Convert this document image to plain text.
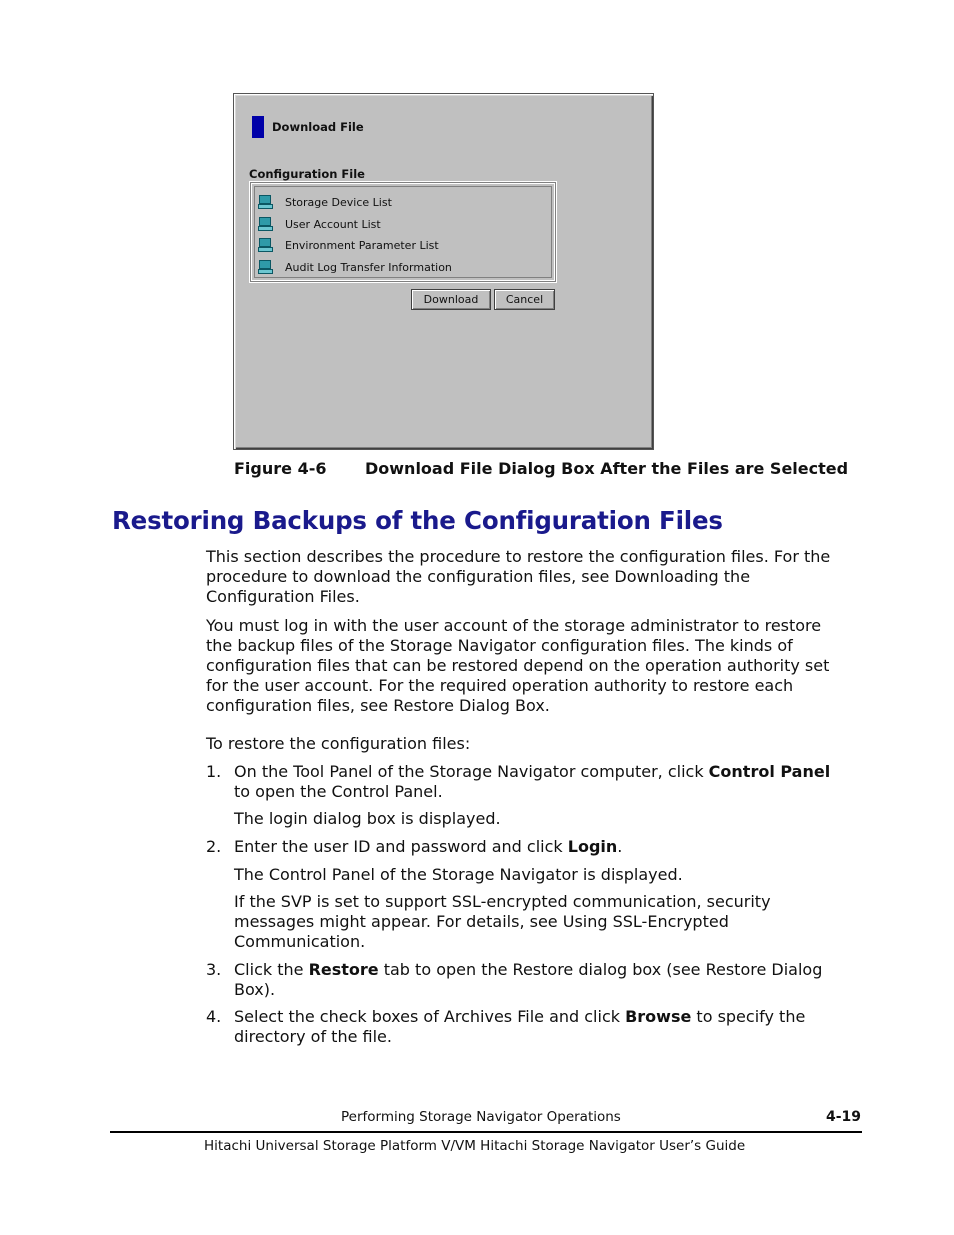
Download File
Configuration File
Storage Device List
User Account List
Environment Parameter List
Audit Log Transfer Information
Download	Cancel
Figure 4-6 Download File Dialog Box After the Files are Selected
Restoring Backups of the Configuration Files
This section describes the procedure to restore the configuration files. For the
procedure to download the configuration files, see Downloading the
Configuration Files.
You must log in with the user account of the storage administrator to restore
the backup files of the Storage Navigator configuration files. The kinds of
configuration files that can be restored depend on the operation authority set
for the user account. For the required operation authority to restore each
configuration files, see Restore Dialog Box.
To restore the configuration files:
1. On the Tool Panel of the Storage Navigator computer, click Control Panel
to open the Control Panel.
The login dialog box is displayed.
2. Enter the user ID and password and click Login.
The Control Panel of the Storage Navigator is displayed.
If the SVP is set to support SSL-encrypted communication, security
messages might appear. For details, see Using SSL-Encrypted
Communication.
3. Click the Restore tab to open the Restore dialog box (see Restore Dialog
Box).
4. Select the check boxes of Archives File and click Browse to specify the
directory of the file.
Performing Storage Navigator Operations	4-19
Hitachi Universal Storage Platform V/VM Hitachi Storage Navigator User’s Guide
